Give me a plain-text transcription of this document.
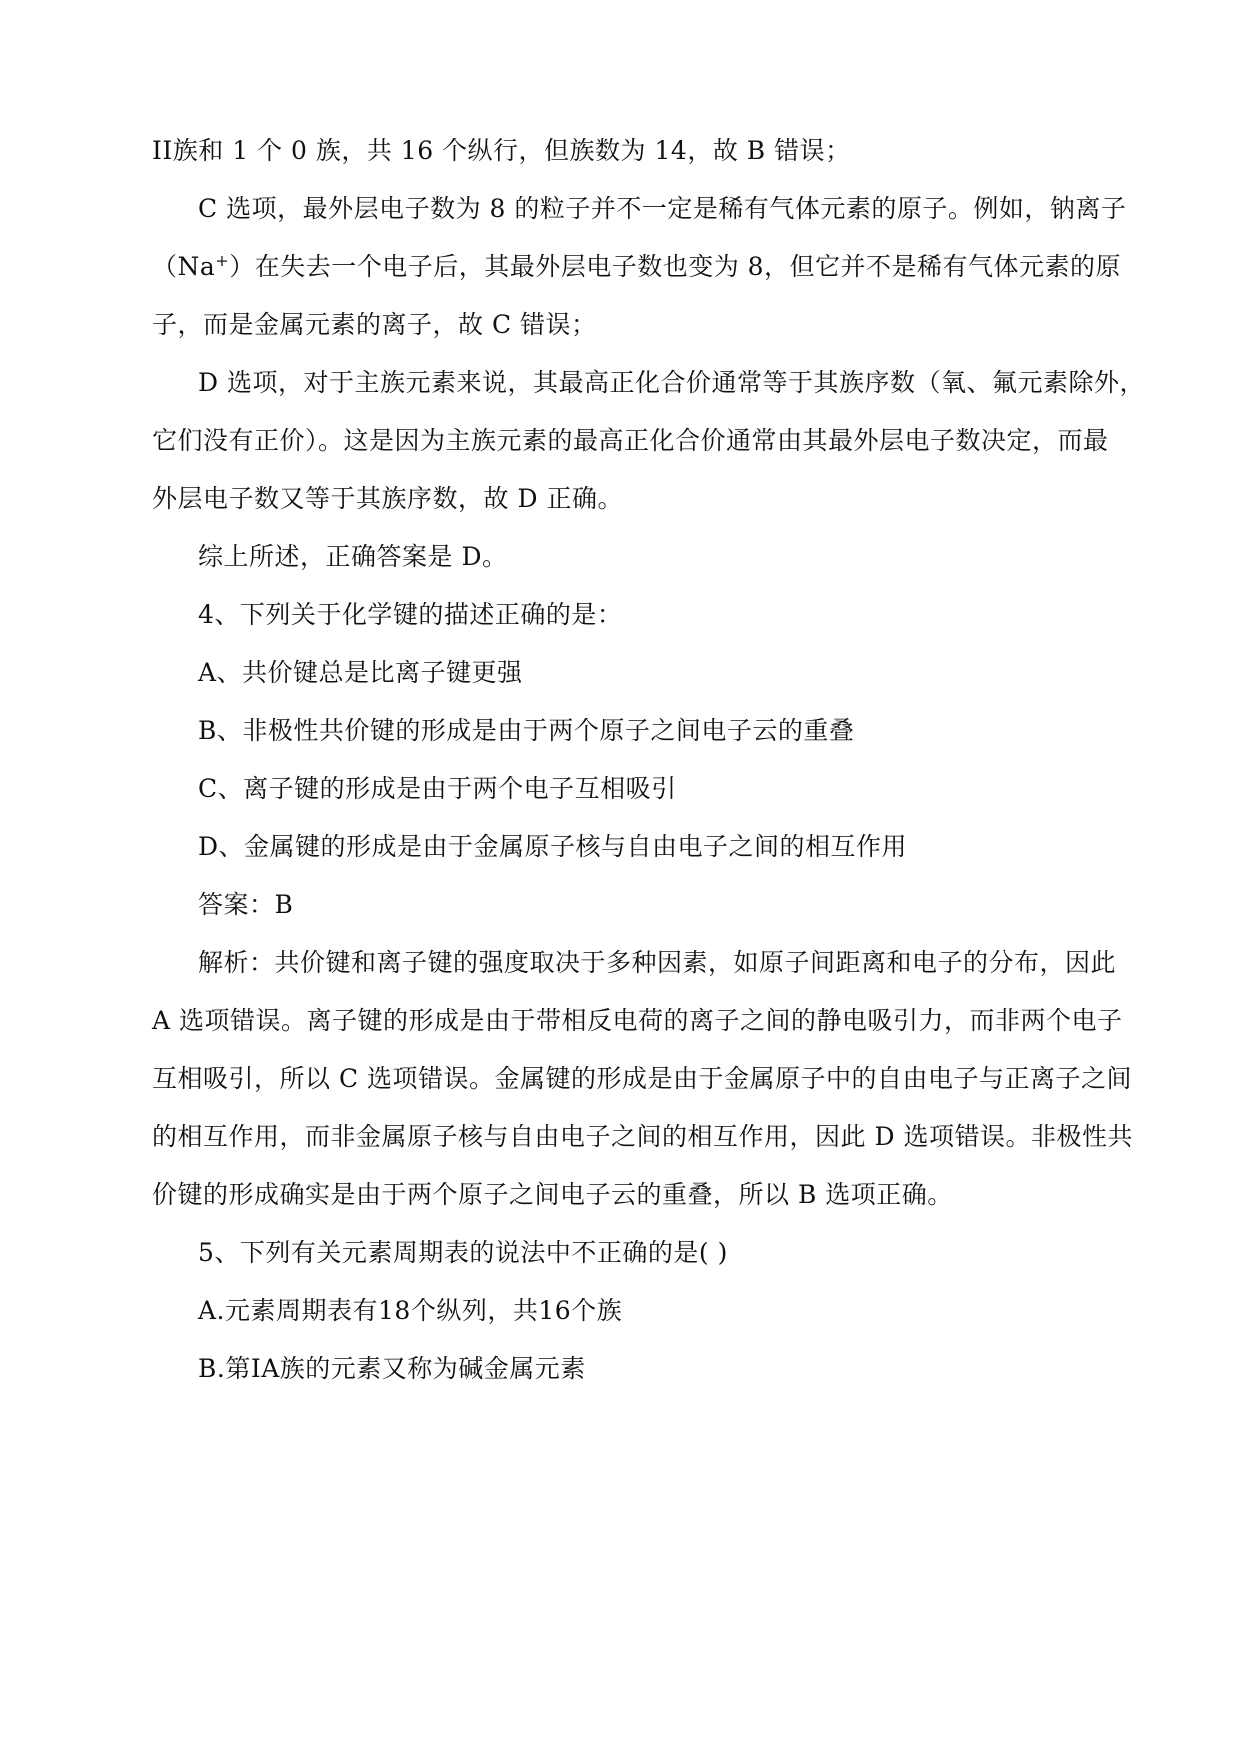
II族和 1 个 0 族，共 16 个纵行，但族数为 14，故 B 错误；
C 选项，最外层电子数为 8 的粒子并不一定是稀有气体元素的原子。例如，钠离子
（Na+）在失去一个电子后，其最外层电子数也变为 8，但它并不是稀有气体元素的原
子，而是金属元素的离子，故 C 错误；
D 选项，对于主族元素来说，其最高正化合价通常等于其族序数（氧、氟元素除外，
它们没有正价）。这是因为主族元素的最高正化合价通常由其最外层电子数决定，而最
外层电子数又等于其族序数，故 D 正确。
综上所述，正确答案是 D。
4、下列关于化学键的描述正确的是：
A、共价键总是比离子键更强
B、非极性共价键的形成是由于两个原子之间电子云的重叠
C、离子键的形成是由于两个电子互相吸引
D、金属键的形成是由于金属原子核与自由电子之间的相互作用
答案：B
解析：共价键和离子键的强度取决于多种因素，如原子间距离和电子的分布，因此
A 选项错误。离子键的形成是由于带相反电荷的离子之间的静电吸引力，而非两个电子
互相吸引，所以 C 选项错误。金属键的形成是由于金属原子中的自由电子与正离子之间
的相互作用，而非金属原子核与自由电子之间的相互作用，因此 D 选项错误。非极性共
价键的形成确实是由于两个原子之间电子云的重叠，所以 B 选项正确。
5、下列有关元素周期表的说法中不正确的是( )
A.元素周期表有18个纵列，共16个族
B.第IA族的元素又称为碱金属元素
